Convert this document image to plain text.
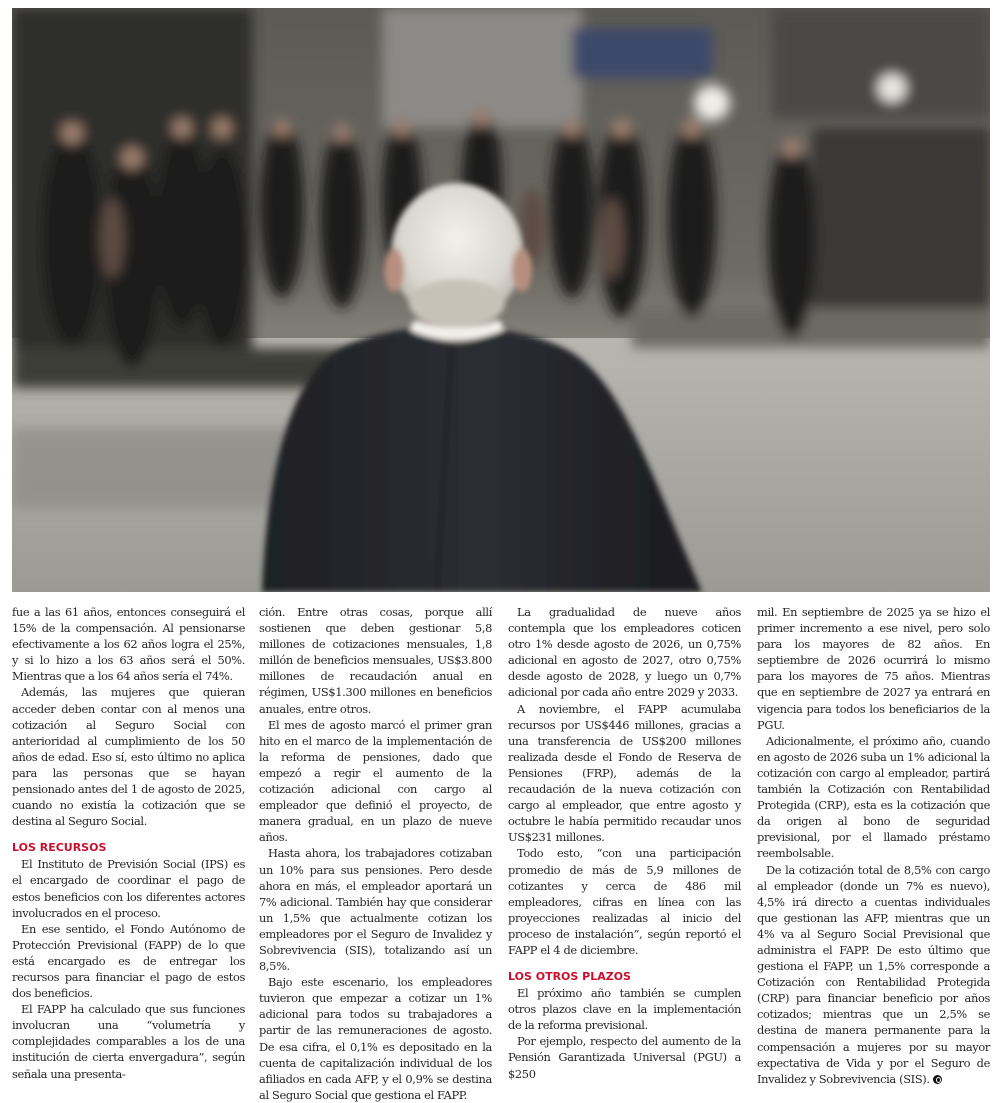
fue a las 61 años, entonces conseguirá el 15% de la compensación. Al pensionarse efectivamente a los 62 años logra el 25%, y si lo hizo a los 63 años será el 50%. Mientras que a los 64 años sería el 74%.

Además, las mujeres que quieran acceder deben contar con al menos una cotización al Seguro Social con anterioridad al cumplimiento de los 50 años de edad. Eso sí, esto último no aplica para las personas que se hayan pensionado antes del 1 de agosto de 2025, cuando no existía la cotización que se destina al Seguro Social.

LOS RECURSOS

El Instituto de Previsión Social (IPS) es el encargado de coordinar el pago de estos beneficios con los diferentes actores involucrados en el proceso.

En ese sentido, el Fondo Autónomo de Protección Previsional (FAPP) de lo que está encargado es de entregar los recursos para financiar el pago de estos dos beneficios.

El FAPP ha calculado que sus funciones involucran una “volumetría y complejidades comparables a los de una institución de cierta envergadura”, según señala una presenta-

ción. Entre otras cosas, porque allí sostienen que deben gestionar 5,8 millones de cotizaciones mensuales, 1,8 millón de beneficios mensuales, US$3.800 millones de recaudación anual en régimen, US$1.300 millones en beneficios anuales, entre otros.

El mes de agosto marcó el primer gran hito en el marco de la implementación de la reforma de pensiones, dado que empezó a regir el aumento de la cotización adicional con cargo al empleador que definió el proyecto, de manera gradual, en un plazo de nueve años.

Hasta ahora, los trabajadores cotizaban un 10% para sus pensiones. Pero desde ahora en más, el empleador aportará un 7% adicional. También hay que considerar un 1,5% que actualmente cotizan los empleadores por el Seguro de Invalidez y Sobrevivencia (SIS), totalizando así un 8,5%.

Bajo este escenario, los empleadores tuvieron que empezar a cotizar un 1% adicional para todos su trabajadores a partir de las remuneraciones de agosto. De esa cifra, el 0,1% es depositado en la cuenta de capitalización individual de los afiliados en cada AFP, y el 0,9% se destina al Seguro Social que gestiona el FAPP.

La gradualidad de nueve años contempla que los empleadores coticen otro 1% desde agosto de 2026, un 0,75% adicional en agosto de 2027, otro 0,75% desde agosto de 2028, y luego un 0,7% adicional por cada año entre 2029 y 2033.

A noviembre, el FAPP acumulaba recursos por US$446 millones, gracias a una transferencia de US$200 millones realizada desde el Fondo de Reserva de Pensiones (FRP), además de la recaudación de la nueva cotización con cargo al empleador, que entre agosto y octubre le había permitido recaudar unos US$231 millones.

Todo esto, “con una participación promedio de más de 5,9 millones de cotizantes y cerca de 486 mil empleadores, cifras en línea con las proyecciones realizadas al inicio del proceso de instalación”, según reportó el FAPP el 4 de diciembre.

LOS OTROS PLAZOS

El próximo año también se cumplen otros plazos clave en la implementación de la reforma previsional.

Por ejemplo, respecto del aumento de la Pensión Garantizada Universal (PGU) a $250

mil. En septiembre de 2025 ya se hizo el primer incremento a ese nivel, pero solo para los mayores de 82 años. En septiembre de 2026 ocurrirá lo mismo para los mayores de 75 años. Mientras que en septiembre de 2027 ya entrará en vigencia para todos los beneficiarios de la PGU.

Adicionalmente, el próximo año, cuando en agosto de 2026 suba un 1% adicional la cotización con cargo al empleador, partirá también la Cotización con Rentabilidad Protegida (CRP), esta es la cotización que da origen al bono de seguridad previsional, por el llamado préstamo reembolsable.

De la cotización total de 8,5% con cargo al empleador (donde un 7% es nuevo), 4,5% irá directo a cuentas individuales que gestionan las AFP, mientras que un 4% va al Seguro Social Previsional que administra el FAPP. De esto último que gestiona el FAPP, un 1,5% corresponde a Cotización con Rentabilidad Protegida (CRP) para financiar beneficio por años cotizados; mientras que un 2,5% se destina de manera permanente para la compensación a mujeres por su mayor expectativa de Vida y por el Seguro de Invalidez y Sobrevivencia (SIS).
